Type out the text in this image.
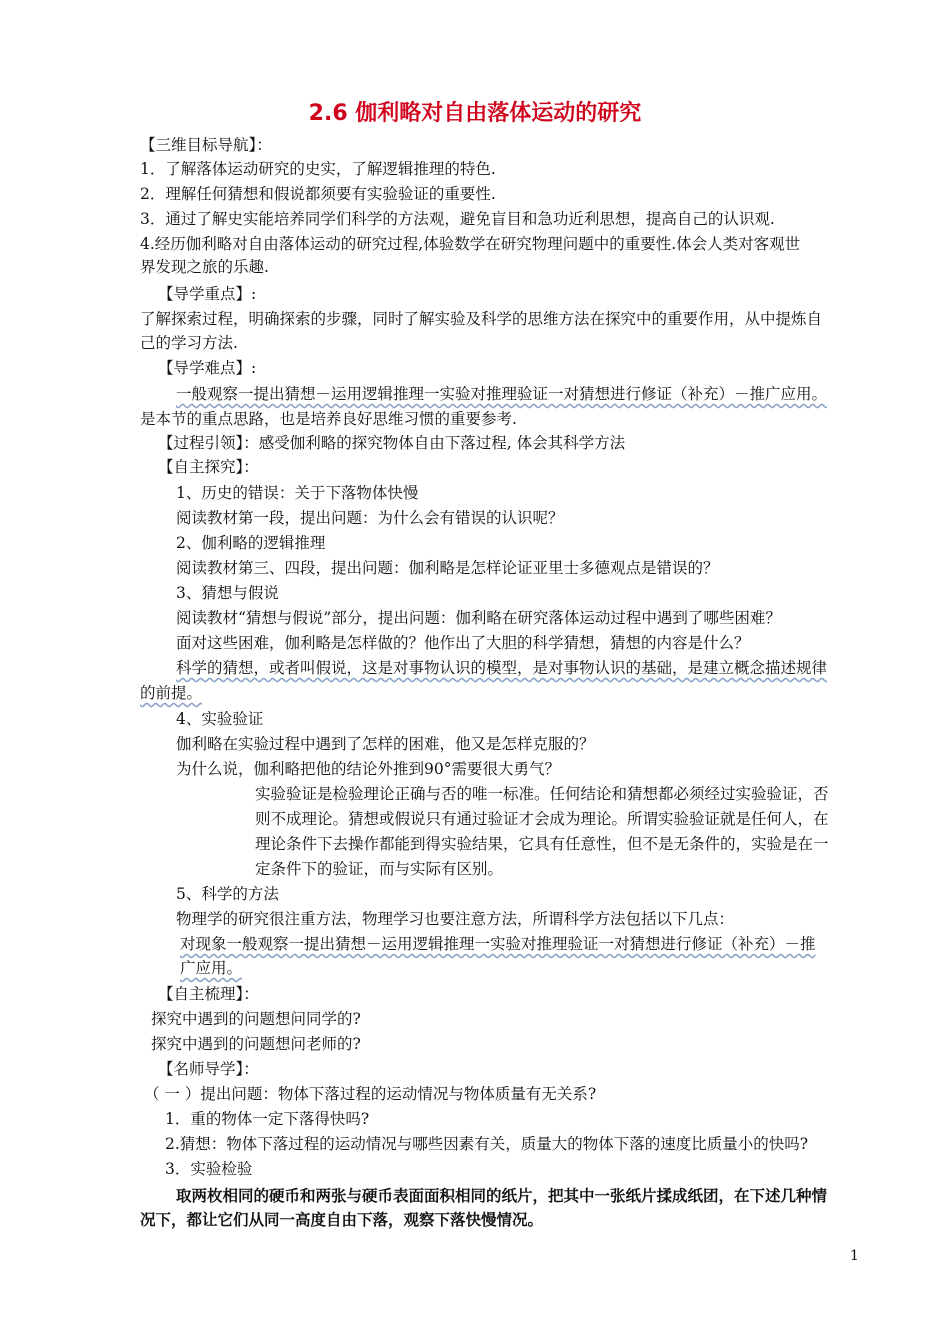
2.6 伽利略对自由落体运动的研究
【三维目标导航】：
1．了解落体运动研究的史实，了解逻辑推理的特色.
2．理解任何猜想和假说都须要有实验验证的重要性.
3．通过了解史实能培养同学们科学的方法观，避免盲目和急功近利思想，提高自己的认识观.
4.经历伽利略对自由落体运动的研究过程,体验数学在研究物理问题中的重要性.体会人类对客观世
界发现之旅的乐趣.
【导学重点】:
了解探索过程，明确探索的步骤，同时了解实验及科学的思维方法在探究中的重要作用，从中提炼自
己的学习方法.
【导学难点】:
一般观察一提出猜想－运用逻辑推理一实验对推理验证一对猜想进行修证（补充）－推广应用。
是本节的重点思路，也是培养良好思维习惯的重要参考.
【过程引领】：感受伽利略的探究物体自由下落过程, 体会其科学方法
【自主探究】：
1、历史的错误：关于下落物体快慢
阅读教材第一段，提出问题：为什么会有错误的认识呢？
2、伽利略的逻辑推理
阅读教材第三、四段，提出问题：伽利略是怎样论证亚里士多德观点是错误的？
3、猜想与假说
阅读教材“猜想与假说”部分，提出问题：伽利略在研究落体运动过程中遇到了哪些困难？
面对这些困难，伽利略是怎样做的？他作出了大胆的科学猜想，猜想的内容是什么？
科学的猜想，或者叫假说，这是对事物认识的模型，是对事物认识的基础，是建立概念描述规律
的前提。
4、实验验证
伽利略在实验过程中遇到了怎样的困难，他又是怎样克服的？
为什么说，伽利略把他的结论外推到90°需要很大勇气？
实验验证是检验理论正确与否的唯一标准。任何结论和猜想都必须经过实验验证，否
则不成理论。猜想或假说只有通过验证才会成为理论。所谓实验验证就是任何人，在
理论条件下去操作都能到得实验结果，它具有任意性，但不是无条件的，实验是在一
定条件下的验证，而与实际有区别。
5、科学的方法
物理学的研究很注重方法，物理学习也要注意方法，所谓科学方法包括以下几点：
对现象一般观察一提出猜想－运用逻辑推理一实验对推理验证一对猜想进行修证（补充）－推
广应用。
【自主梳理】：
探究中遇到的问题想问同学的?
探究中遇到的问题想问老师的?
【名师导学】：
（ 一 ）提出问题：物体下落过程的运动情况与物体质量有无关系?
1．重的物体一定下落得快吗?
2.猜想：物体下落过程的运动情况与哪些因素有关，质量大的物体下落的速度比质量小的快吗?
3．实验检验
取两枚相同的硬币和两张与硬币表面面积相同的纸片，把其中一张纸片揉成纸团，在下述几种情
况下，都让它们从同一高度自由下落，观察下落快慢情况。
1
